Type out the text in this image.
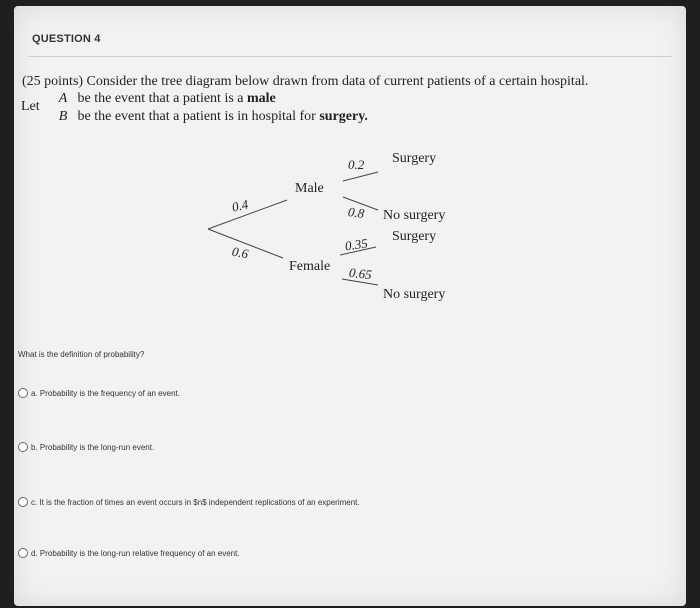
QUESTION 4
(25 points) Consider the tree diagram below drawn from data of current patients of a certain hospital.
Let
A be the event that a patient is a male
B be the event that a patient is in hospital for surgery.
Male
Female
0.4
0.6
0.2
0.8
0.35
0.65
Surgery
No surgery
Surgery
No surgery
What is the definition of probability?
a. Probability is the frequency of an event.
b. Probability is the long-run event.
c. It is the fraction of times an event occurs in $n$ independent replications of an experiment.
d. Probability is the long-run relative frequency of an event.
